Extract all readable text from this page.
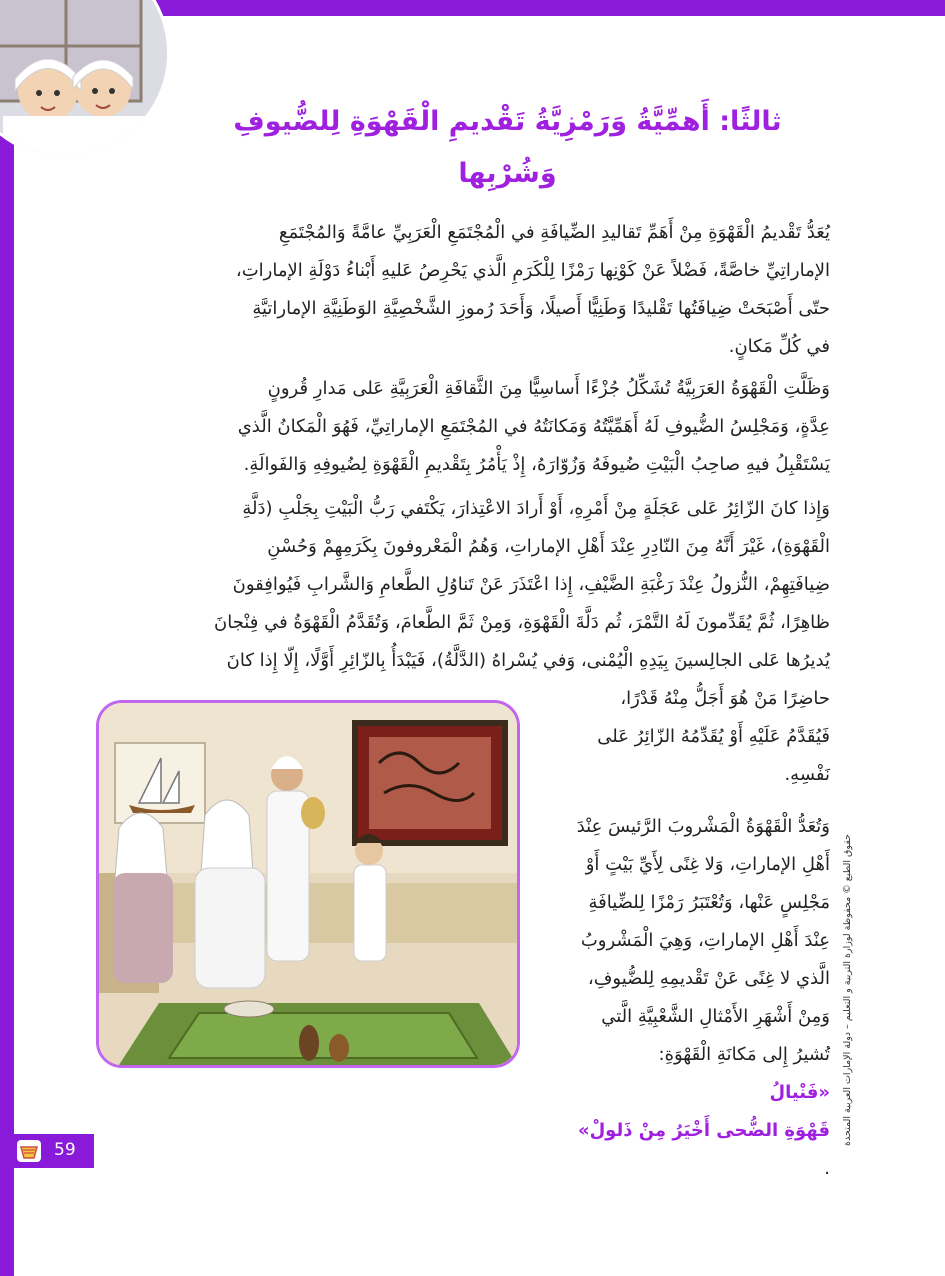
ثالثًا: أَهمِّيَّةُ وَرَمْزِيَّةُ تَقْديمِ الْقَهْوَةِ لِلضُّيوفِ
وَشُرْبِها
يُعَدُّ تَقْديمُ الْقَهْوَةِ مِنْ أَهَمِّ تَقاليدِ الضِّيافَةِ في الْمُجْتَمَعِ الْعَرَبِيِّ عامَّةً وَالمُجْتَمَعِ
الإماراتِيِّ خاصَّةً، فَضْلاً عَنْ كَوْنِها رَمْزًا لِلْكَرَمِ الَّذي يَحْرِصُ عَليهِ أَبْناءُ دَوْلَةِ الإماراتِ،
حتّى أَصْبَحَتْ ضِيافَتُها تَقْليدًا وَطَنِيًّا أَصيلًا، وَأَحَدَ رُموزِ الشَّخْصِيَّةِ الوَطَنِيَّةِ الإماراتيَّةِ
في كُلِّ مَكانٍ.
وَظَلَّتِ الْقَهْوَةُ العَرَبِيَّةُ تُشَكِّلُ جُزْءًا أَساسِيًّا مِنَ الثَّقافَةِ الْعَرَبِيَّةِ عَلى مَدارِ قُرونٍ
عِدَّةٍ، وَمَجْلِسُ الضُّيوفِ لَهُ أَهَمِّيَّتُهُ وَمَكانَتُهُ في المُجْتَمَعِ الإماراتِيِّ، فَهُوَ الْمَكانُ الَّذي
يَسْتَقْبِلُ فيهِ صاحِبُ الْبَيْتِ ضُيوفَهُ وَزُوّارَهُ، إِذْ يَأْمُرُ بِتَقْديمِ الْقَهْوَةِ لِضُيوفِهِ وَالفَوالَةِ.
وَإِذا كانَ الزّائِرُ عَلى عَجَلَةٍ مِنْ أَمْرِهِ، أَوْ أَرادَ الاعْتِذارَ، يَكْتَفي رَبُّ الْبَيْتِ بِجَلْبِ (دَلَّةِ
الْقَهْوَةِ)، غَيْرَ أَنَّهُ مِنَ النّادِرِ عِنْدَ أَهْلِ الإماراتِ، وَهُمُ الْمَعْروفونَ بِكَرَمِهِمْ وَحُسْنِ
ضِيافَتِهِمْ، النُّزولُ عِنْدَ رَغْبَةِ الضَّيْفِ، إِذا اعْتَذَرَ عَنْ تَناوُلِ الطَّعامِ وَالشَّرابِ فَيُوافِقونَ
ظاهِرًا، ثُمَّ يُقَدِّمونَ لَهُ التَّمْرَ، ثُم دَلَّةَ الْقَهْوَةِ، وَمِنْ ثَمَّ الطَّعامَ، وَتُقَدَّمُ الْقَهْوَةُ في فِنْجانَ
يُديرُها عَلى الجالِسينَ بِيَدِهِ الْيُمْنى، وَفي يُسْراهُ (الدَّلَّةُ)، فَيَبْدَأُ بِالزّائِرِ أَوَّلًا، إِلّا إِذا كانَ
حاضِرًا مَنْ هُوَ أَجَلُّ مِنْهُ قَدْرًا،
فَيُقَدَّمُ عَلَيْهِ أَوْ يُقَدِّمُهُ الزّائِرُ عَلى
نَفْسِهِ.
وَتُعَدُّ الْقَهْوَةُ الْمَشْروبَ الرَّئيسَ عِنْدَ
أَهْلِ الإماراتِ، وَلا غِنًى لِأَيِّ بَيْتٍ أَوْ
مَجْلِسٍ عَنْها، وَتُعْتَبَرُ رَمْزًا لِلضِّيافَةِ
عِنْدَ أَهْلِ الإماراتِ، وَهِيَ الْمَشْروبُ
الَّذي لا غِنًى عَنْ تَقْديمِهِ لِلضُّيوفِ،
وَمِنْ أَشْهَرِ الأَمْثالِ الشَّعْبِيَّةِ الَّتي
تُشيرُ إِلى مَكانَةِ الْقَهْوَةِ:
«فَنْيالُ
قَهْوَةِ الضُّحى أَخْيَرُ مِنْ ذَلولْ»
.
حقوق الطبع © محفوظة لوزارة التربية و التعليم – دولة الإمارات العربية المتحدة
59
